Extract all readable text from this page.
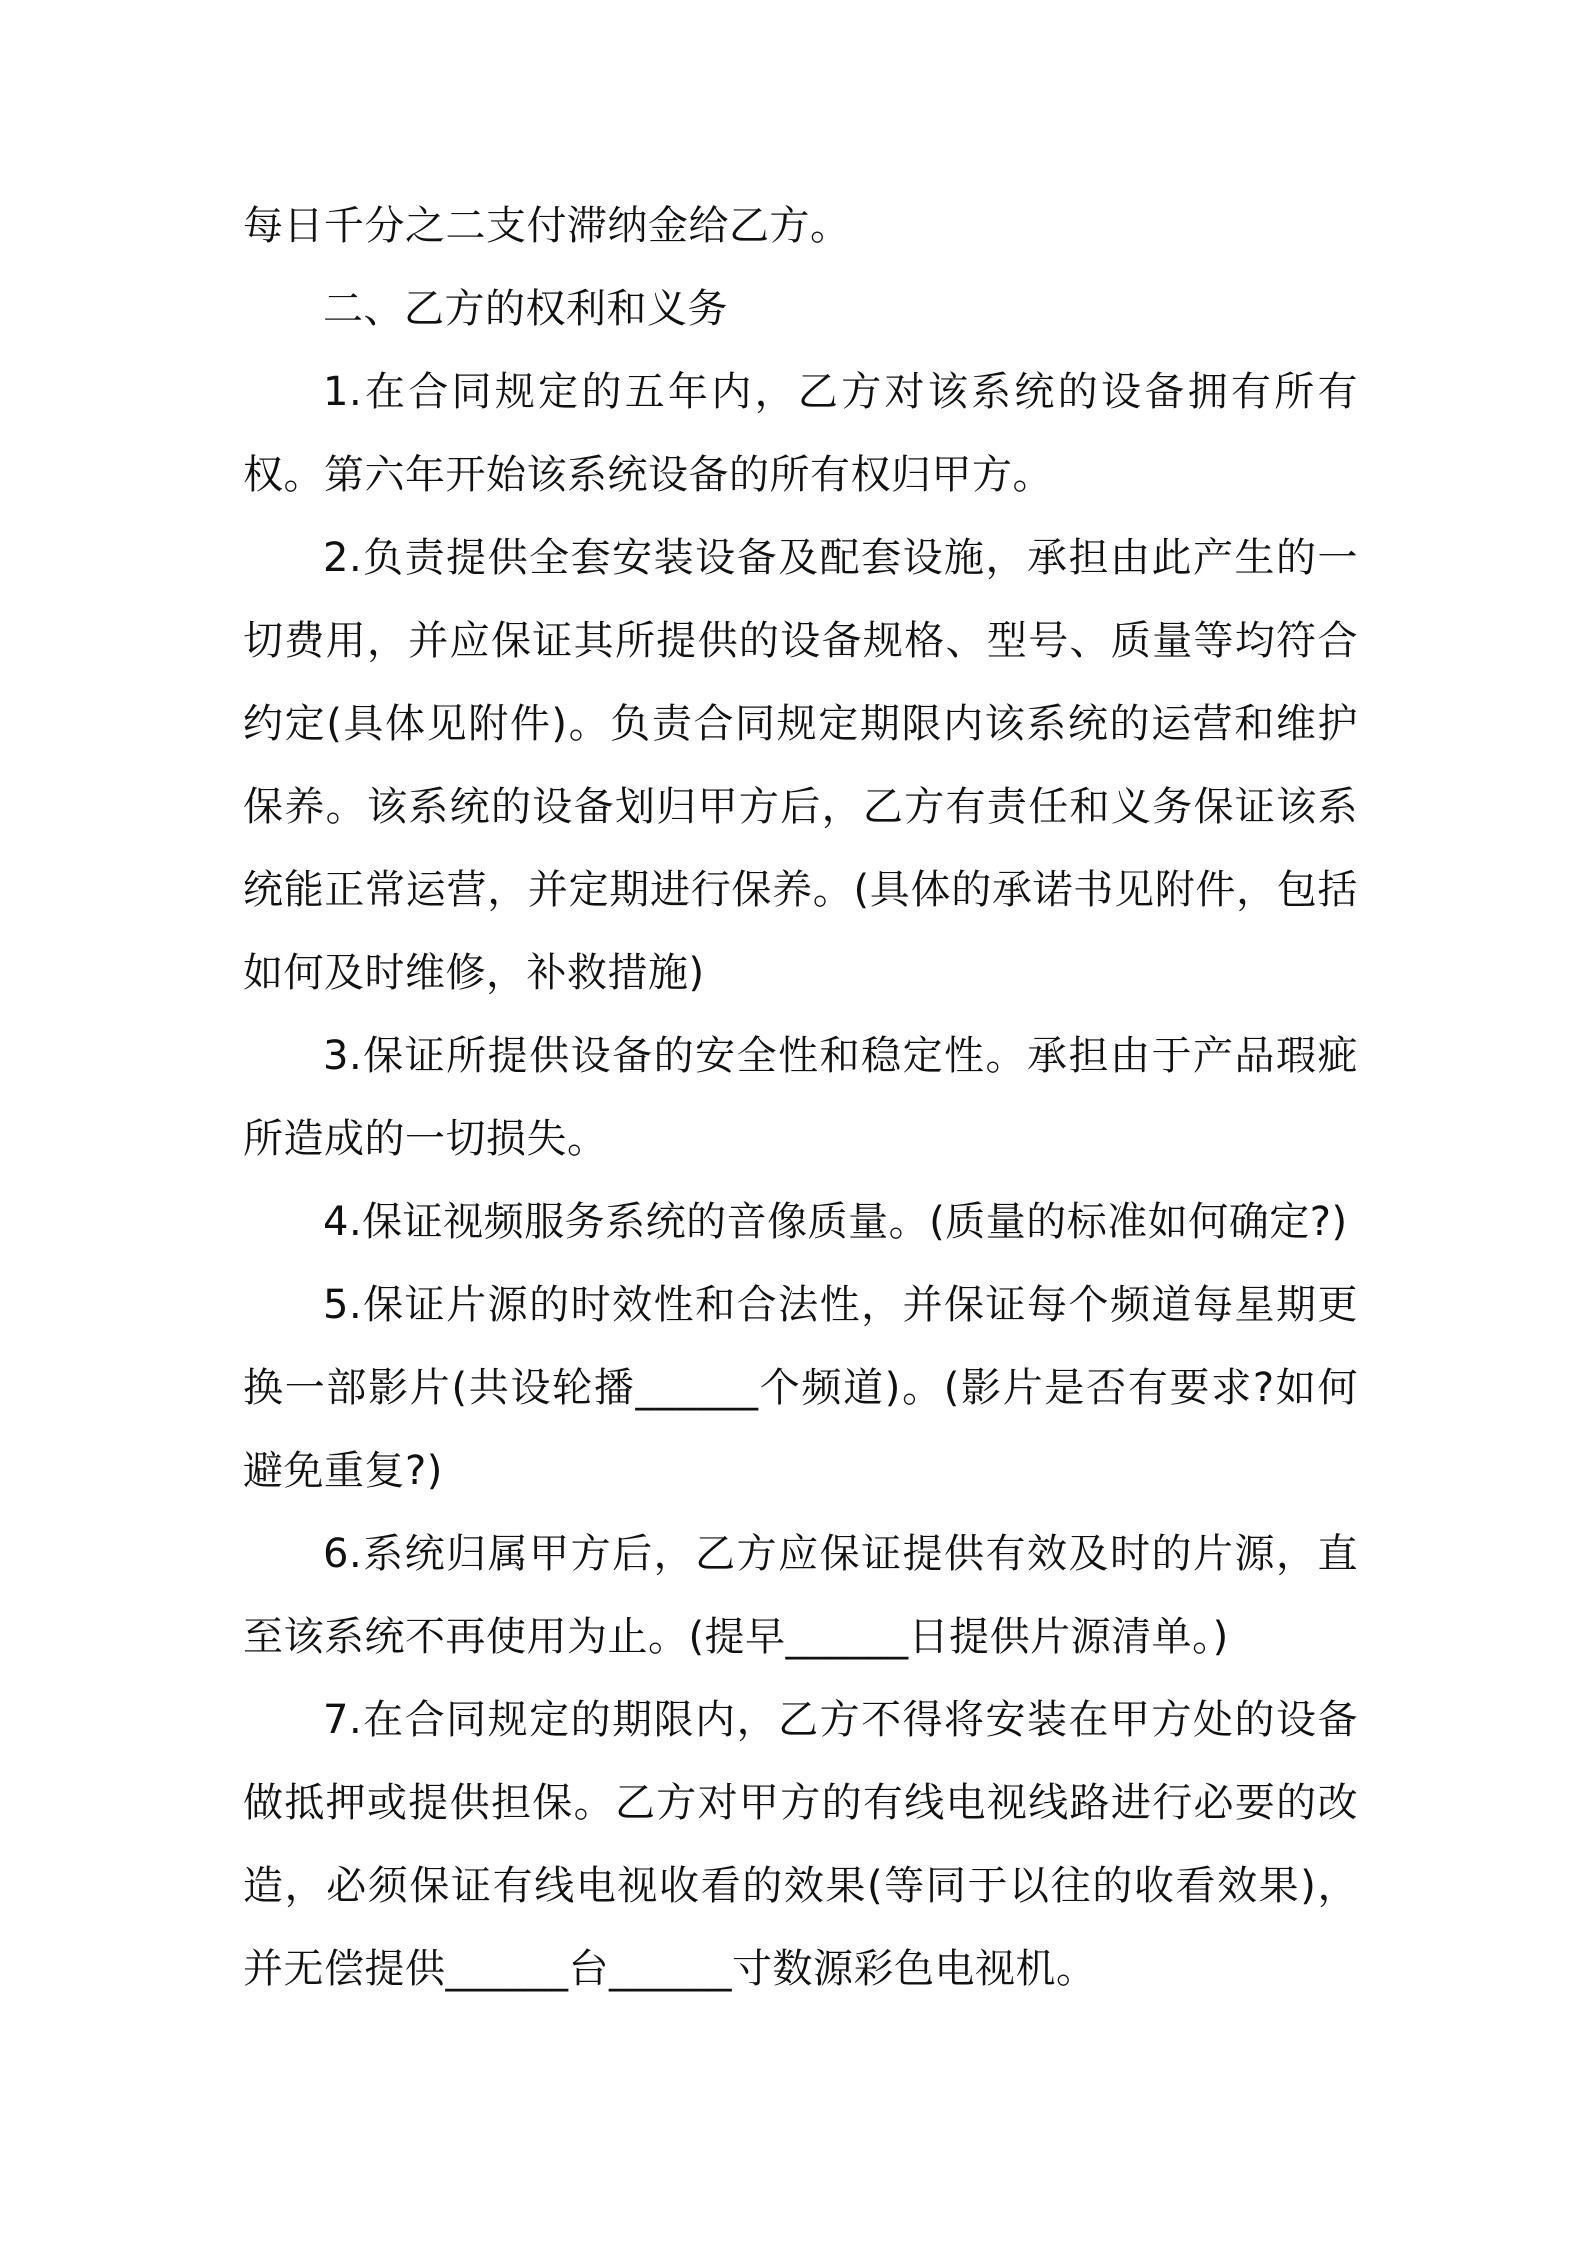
每日千分之二支付滞纳金给乙方。

二、乙方的权利和义务

1.在合同规定的五年内，乙方对该系统的设备拥有所有权。第六年开始该系统设备的所有权归甲方。

2.负责提供全套安装设备及配套设施，承担由此产生的一切费用，并应保证其所提供的设备规格、型号、质量等均符合约定(具体见附件)。负责合同规定期限内该系统的运营和维护保养。该系统的设备划归甲方后，乙方有责任和义务保证该系统能正常运营，并定期进行保养。(具体的承诺书见附件，包括如何及时维修，补救措施)

3.保证所提供设备的安全性和稳定性。承担由于产品瑕疵所造成的一切损失。

4.保证视频服务系统的音像质量。(质量的标准如何确定?)

5.保证片源的时效性和合法性，并保证每个频道每星期更换一部影片(共设轮播______个频道)。(影片是否有要求?如何避免重复?)

6.系统归属甲方后，乙方应保证提供有效及时的片源，直至该系统不再使用为止。(提早______日提供片源清单。)

7.在合同规定的期限内，乙方不得将安装在甲方处的设备做抵押或提供担保。乙方对甲方的有线电视线路进行必要的改造，必须保证有线电视收看的效果(等同于以往的收看效果)，并无偿提供______台______寸数源彩色电视机。
